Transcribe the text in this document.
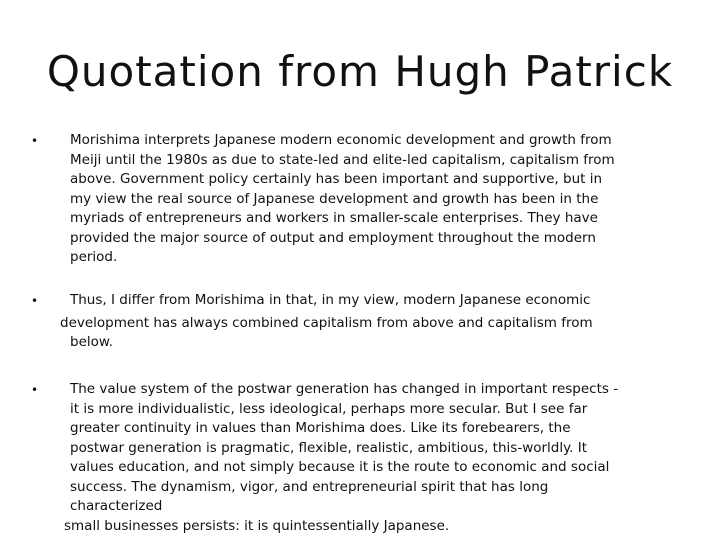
Quotation from Hugh Patrick
• Morishima interprets Japanese modern economic development and growth from
Meiji until the 1980s as due to state-led and elite-led capitalism, capitalism from
above. Government policy certainly has been important and supportive, but in
my view the real source of Japanese development and growth has been in the
myriads of entrepreneurs and workers in smaller-scale enterprises. They have
provided the major source of output and employment throughout the modern
period.
•	Thus, I differ from Morishima in that, in my view, modern Japanese economic
development has always combined capitalism from above and capitalism from
below.
• The value system of the postwar generation has changed in important respects -
it is more individualistic, less ideological, perhaps more secular. But I see far
greater continuity in values than Morishima does. Like its forebearers, the
postwar generation is pragmatic, flexible, realistic, ambitious, this-worldly. It
values education, and not simply because it is the route to economic and social
success. The dynamism, vigor, and entrepreneurial spirit that has long
characterized
small businesses persists: it is quintessentially Japanese.
